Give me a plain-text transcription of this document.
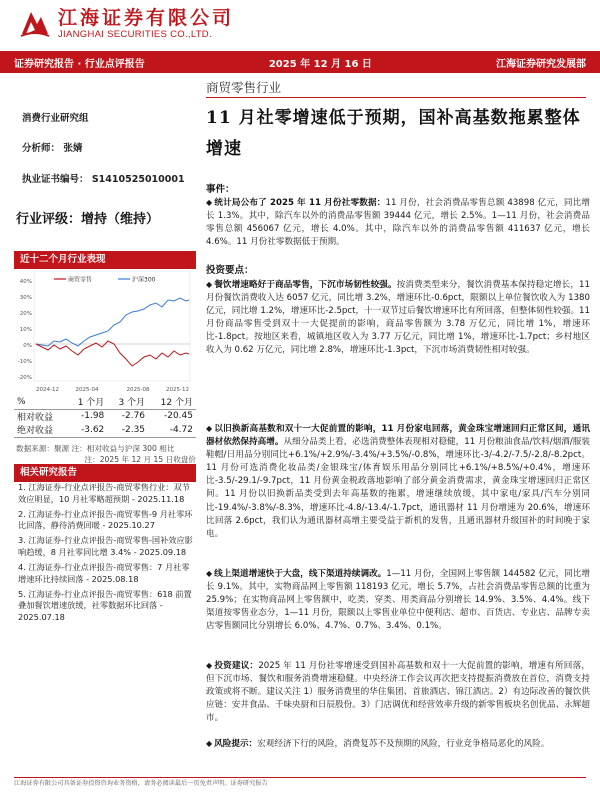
江海证券有限公司
JIANGHAI SECURITIES CO.,LTD.
证券研究报告 · 行业点评报告	2025 年 12 月 16 日	江海证券研究发展部
商贸零售行业
11 月社零增速低于预期，国补高基数拖累整体增速
消费行业研究组
分析师： 张婧
执业证书编号： S1410525010001
行业评级：增持（维持）
近十二个月行业表现
40%
30%
20%
10%
0%
-10%
-20%
2024-12	2025-04	2025-08	2025-12
商贸零售	沪深300
%	1 个月	3 个月	12 个月
相对收益	-1.98	-2.76	-20.45
绝对收益	-3.62	-2.35	-4.72
数据来源：聚源 注：相对收益与沪深 300 相比
注：2025 年 12 月 15 日收盘价
相关研究报告
1. 江海证券-行业点评报告-商贸零售行业：双节效应明显，10 月社零略超预期 - 2025.11.18
2. 江海证券-行业点评报告-商贸零售-9 月社零环比回落，静待消费回暖 - 2025.10.27
3. 江海证券-行业点评报告-商贸零售-国补效应影响趋缓，8 月社零同比增 3.4% - 2025.09.18
4. 江海证券-行业点评报告-商贸零售：7 月社零增速环比持续回落 - 2025.08.18
5. 江海证券-行业点评报告-商贸零售：618 前置叠加餐饮增速放缓，社零数据环比回落 - 2025.07.18
事件：
◆ 统计局公布了 2025 年 11 月份社零数据：11 月份，社会消费品零售总额 43898 亿元，同比增长 1.3%。其中，除汽车以外的消费品零售额 39444 亿元，增长 2.5%。1—11 月份，社会消费品零售总额 456067 亿元，增长 4.0%。其中，除汽车以外的消费品零售额 411637 亿元，增长 4.6%。11 月份社零数据低于预期。
投资要点：
◆ 餐饮增速略好于商品零售，下沉市场韧性较强。按消费类型来分，餐饮消费基本保持稳定增长，11 月份餐饮消费收入达 6057 亿元，同比增 3.2%，增速环比-0.6pct，限额以上单位餐饮收入为 1380 亿元，同比增 1.2%，增速环比-2.5pct，十一双节过后餐饮增速环比有所回落，但整体韧性较强。11 月份商品零售受到双十一大促提前的影响，商品零售额为 3.78 万亿元，同比增 1%，增速环比-1.8pct。按地区来看，城镇地区收入为 3.77 万亿元，同比增 1%，增速环比-1.7pct；乡村地区收入为 0.62 万亿元，同比增 2.8%，增速环比-1.3pct，下沉市场消费韧性相对较强。
◆ 以旧换新高基数和双十一大促前置的影响，11 月份家电回落，黄金珠宝增速回归正常区间，通讯器材依然保持高增。从细分品类上看，必选消费整体表现相对稳健，11 月份粮油食品/饮料/烟酒/服装鞋帽/日用品分别同比+6.1%/+2.9%/-3.4%/+3.5%/-0.8%，增速环比-3/-4.2/-7.5/-2.8/-8.2pct。11 月份可选消费化妆品类/金银珠宝/体育娱乐用品分别同比+6.1%/+8.5%/+0.4%，增速环比-3.5/-29.1/-9.7pct，11 月份黄金税政落地影响了部分黄金消费需求，黄金珠宝增速回归正常区间。11 月份以旧换新品类受到去年高基数的拖累，增速继续放缓，其中家电/家具/汽车分别同比-19.4%/-3.8%/-8.3%，增速环比-4.8/-13.4/-1.7pct，通讯器材 11 月份增速为 20.6%，增速环比回落 2.6pct，我们认为通讯器材高增主要受益于新机的发售，且通讯器材升级国补的时间晚于家电。
◆ 线上渠道增速快于大盘，线下渠道持续调改。1—11 月份，全国网上零售额 144582 亿元，同比增长 9.1%。其中，实物商品网上零售额 118193 亿元，增长 5.7%，占社会消费品零售总额的比重为 25.9%；在实物商品网上零售额中，吃类、穿类、用类商品分别增长 14.9%、3.5%、4.4%。线下渠道按零售业态分，1—11 月份，限额以上零售业单位中便利店、超市、百货店、专业店、品牌专卖店零售额同比分别增长 6.0%、4.7%、0.7%、3.4%、0.1%。
◆ 投资建议：2025 年 11 月份社零增速受到国补高基数和双十一大促前置的影响，增速有所回落，但下沉市场、餐饮和服务消费增速稳健。中央经济工作会议再次把支持提振消费放在首位，消费支持政策或将不断。建议关注 1）服务消费里的华住集团、首旅酒店、锦江酒店。2）有边际改善的餐饮供应链：安井食品、千味央厨和日辰股份。3）门店调优和经营效率升级的新零售板块名创优品、永辉超市。
◆ 风险提示：宏观经济下行的风险，消费复苏不及预期的风险，行业竞争格局恶化的风险。
江海证券有限公司具备证券投资咨询业务资格，请务必阅读最后一页免责声明。证券研究报告
